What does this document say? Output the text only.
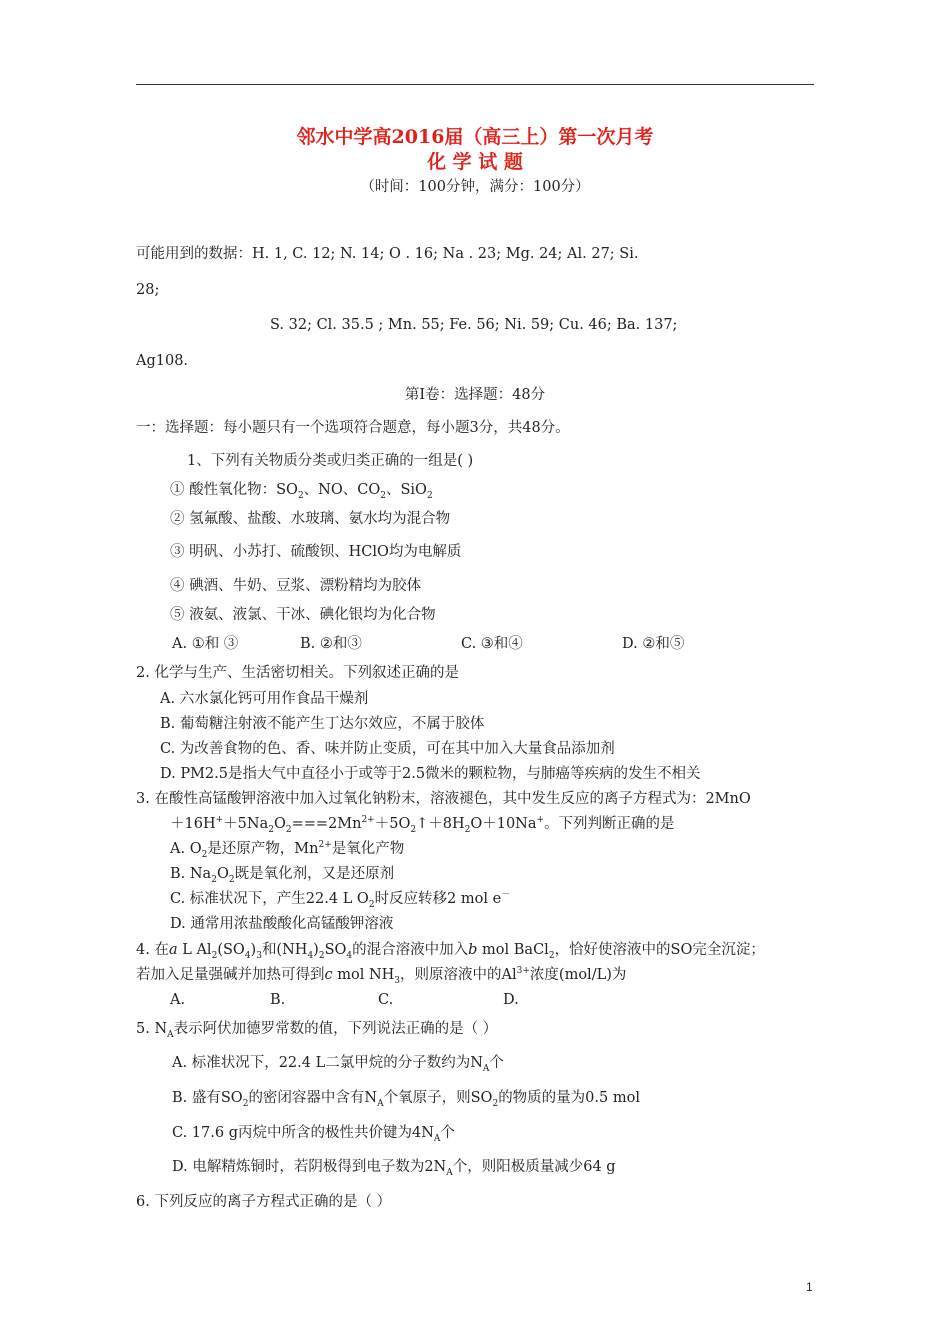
邻水中学高2016届（高三上）第一次月考
化 学 试 题
（时间：100分钟，满分：100分）
可能用到的数据：H. 1, C. 12; N. 14; O . 16; Na . 23; Mg. 24; Al. 27; Si.
28;
S. 32; Cl. 35.5 ; Mn. 55; Fe. 56; Ni. 59; Cu. 46; Ba. 137;
Ag108.
第Ⅰ卷：选择题：48分
一：选择题：每小题只有一个选项符合题意，每小题3分，共48分。
1、下列有关物质分类或归类正确的一组是( )
① 酸性氧化物：$SO_2$、NO、$CO_2$、SiO$_2$
② 氢氟酸、盐酸、水玻璃、氨水均为混合物
③ 明矾、小苏打、硫酸钡、HClO均为电解质
④ 碘酒、牛奶、豆浆、漂粉精均为胶体
⑤ 液氨、液氯、干冰、碘化银均为化合物
A. ①和 ③	B. ②和③	C. ③和④	D. ②和⑤
2. 化学与生产、生活密切相关。下列叙述正确的是
A. 六水氯化钙可用作食品干燥剂
B. 葡萄糖注射液不能产生丁达尔效应，不属于胶体
C. 为改善食物的色、香、味并防止变质，可在其中加入大量食品添加剂
D. PM2.5是指大气中直径小于或等于2.5微米的颗粒物，与肺癌等疾病的发生不相关
3. 在酸性高锰酸钾溶液中加入过氧化钠粉末，溶液褪色，其中发生反应的离子方程式为：2MnO
$+16H^++5Na_2O_2===2Mn^{2+}+5O_2↑+8H_2O+10Na^+$。下列判断正确的是
A. $O_2$是还原产物，$Mn^{2+}$是氧化产物
B. $Na_2O_2$既是氧化剂，又是还原剂
C. 标准状况下，产生22.4 L $O_2$时反应转移2 mol e－
D. 通常用浓盐酸酸化高锰酸钾溶液
4. 在a L $Al_2(SO_4)_3$和$(NH_4)_2SO_4$的混合溶液中加入b mol BaCl$_2$，恰好使溶液中的SO完全沉淀；
若加入足量强碱并加热可得到c mol $NH_3$，则原溶液中的$Al^{3+}$浓度(mol/L)为
A.	B.	C.	D.
5. $N_A$表示阿伏加德罗常数的值，下列说法正确的是（ ）
A. 标准状况下，22.4 L二氯甲烷的分子数约为$N_A$个
B. 盛有$SO_2$的密闭容器中含有$N_A$个氧原子，则$SO_2$的物质的量为0.5 mol
C. 17.6 g丙烷中所含的极性共价键为$4N_A$个
D. 电解精炼铜时，若阴极得到电子数为$2N_A$个，则阳极质量减少64 g
6. 下列反应的离子方程式正确的是（ ）
1
